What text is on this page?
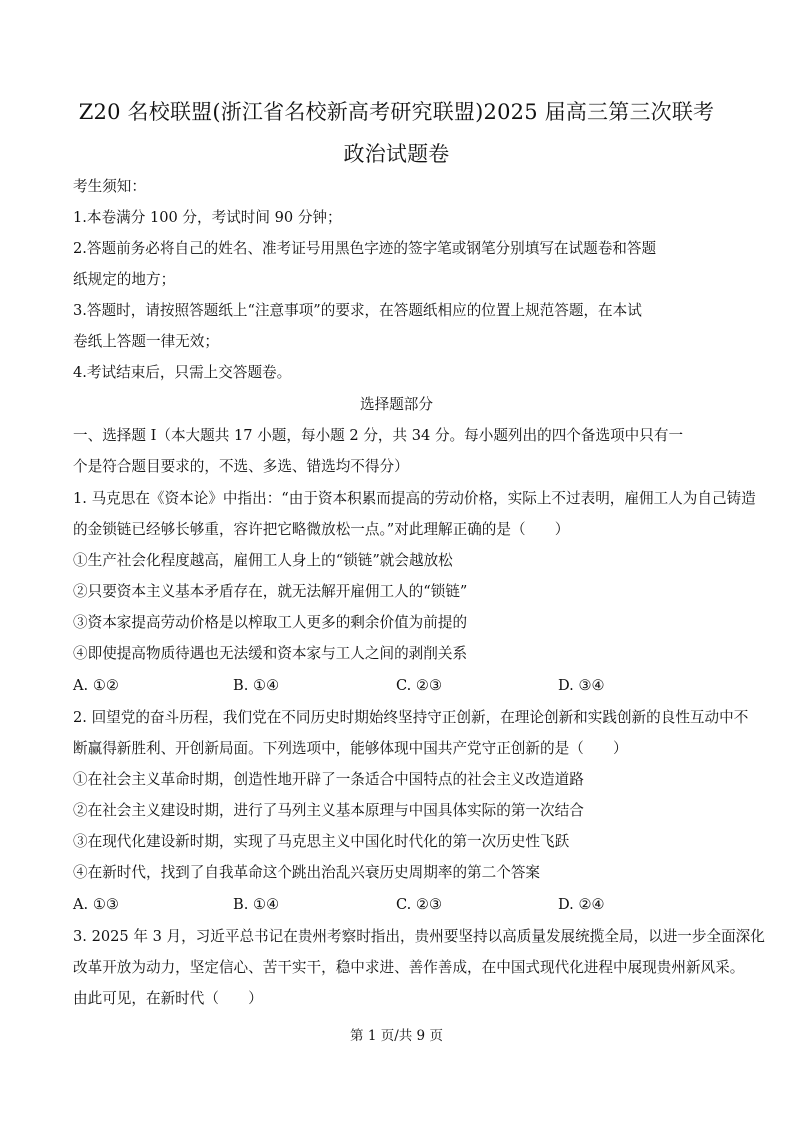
Z20 名校联盟(浙江省名校新高考研究联盟)2025 届高三第三次联考
政治试题卷
考生须知：
1.本卷满分 100 分，考试时间 90 分钟；
2.答题前务必将自己的姓名、准考证号用黑色字迹的签字笔或钢笔分别填写在试题卷和答题
纸规定的地方；
3.答题时，请按照答题纸上“注意事项”的要求，在答题纸相应的位置上规范答题，在本试
卷纸上答题一律无效；
4.考试结束后，只需上交答题卷。
选择题部分
一、选择题 I（本大题共 17 小题，每小题 2 分，共 34 分。每小题列出的四个备选项中只有一
个是符合题目要求的，不选、多选、错选均不得分）
1. 马克思在《资本论》中指出：“由于资本积累而提高的劳动价格，实际上不过表明，雇佣工人为自己铸造
的金锁链已经够长够重，容许把它略微放松一点。”对此理解正确的是（　　）
①生产社会化程度越高，雇佣工人身上的“锁链”就会越放松
②只要资本主义基本矛盾存在，就无法解开雇佣工人的“锁链”
③资本家提高劳动价格是以榨取工人更多的剩余价值为前提的
④即使提高物质待遇也无法缓和资本家与工人之间的剥削关系
A. ①②	B. ①④	C. ②③	D. ③④
2. 回望党的奋斗历程，我们党在不同历史时期始终坚持守正创新，在理论创新和实践创新的良性互动中不
断赢得新胜利、开创新局面。下列选项中，能够体现中国共产党守正创新的是（　　）
①在社会主义革命时期，创造性地开辟了一条适合中国特点的社会主义改造道路
②在社会主义建设时期，进行了马列主义基本原理与中国具体实际的第一次结合
③在现代化建设新时期，实现了马克思主义中国化时代化的第一次历史性飞跃
④在新时代，找到了自我革命这个跳出治乱兴衰历史周期率的第二个答案
A. ①③	B. ①④	C. ②③	D. ②④
3. 2025 年 3 月，习近平总书记在贵州考察时指出，贵州要坚持以高质量发展统揽全局，以进一步全面深化
改革开放为动力，坚定信心、苦干实干，稳中求进、善作善成，在中国式现代化进程中展现贵州新风采。
由此可见，在新时代（　　）
第 1 页/共 9 页
